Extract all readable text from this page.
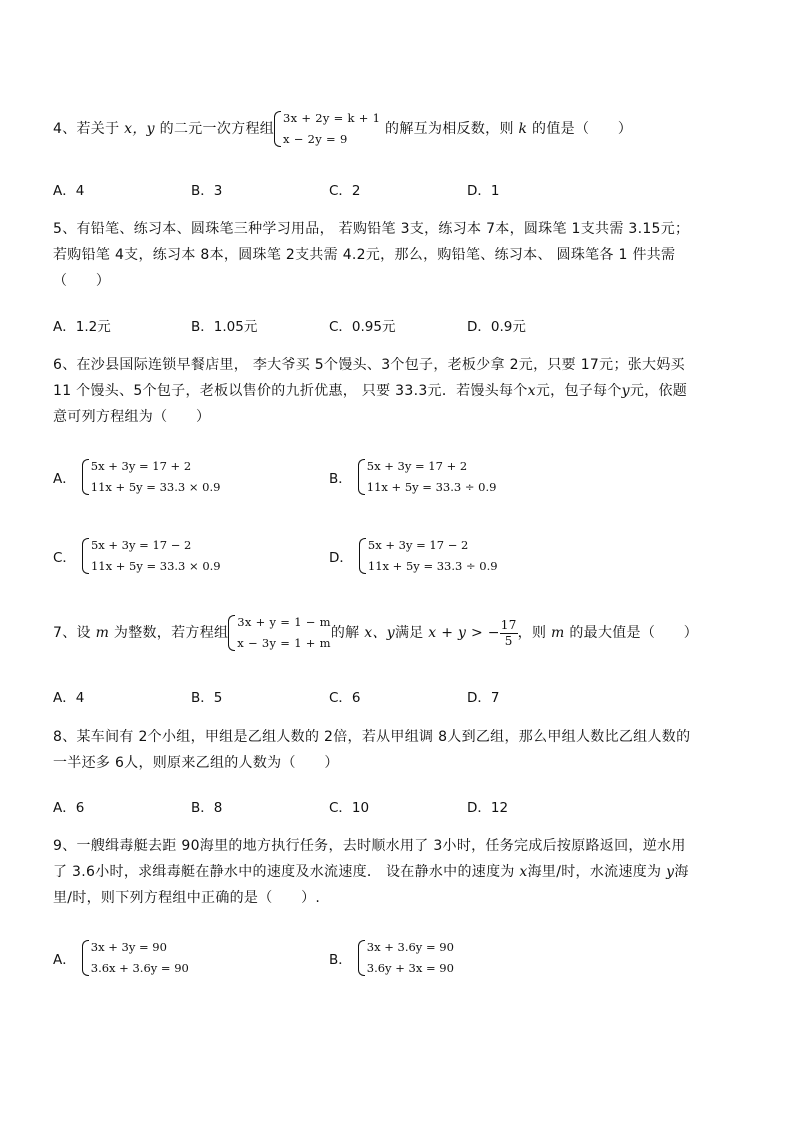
4、若关于 x，y 的二元一次方程组
3x + 2y = k + 1
x − 2y = 9
的解互为相反数，则 k 的值是（　　）
A．4	B．3	C．2	D．1
5、有铅笔、练习本、圆珠笔三种学习用品， 若购铅笔 3支，练习本 7本，圆珠笔 1支共需 3.15元；
若购铅笔 4支，练习本 8本，圆珠笔 2支共需 4.2元，那么，购铅笔、练习本、 圆珠笔各 1 件共需
（　　）
A．1.2元	B．1.05元	C．0.95元	D．0.9元
6、在沙县国际连锁早餐店里， 李大爷买 5个馒头、3个包子，老板少拿 2元，只要 17元；张大妈买
11 个馒头、5个包子，老板以售价的九折优惠， 只要 33.3元．若馒头每个x元，包子每个y元，依题
意可列方程组为（　　）
A．
5x + 3y = 17 + 2
11x + 5y = 33.3 × 0.9	B．
5x + 3y = 17 + 2
11x + 5y = 33.3 ÷ 0.9
C．
5x + 3y = 17 − 2
11x + 5y = 33.3 × 0.9	D．
5x + 3y = 17 − 2
11x + 5y = 33.3 ÷ 0.9
7、设 m 为整数，若方程组
3x + y = 1 − m
x − 3y = 1 + m
的解 x、y满足 x + y > − $\frac{17}{5}$ ，则 m 的最大值是（　　）
A．4	B．5	C．6	D．7
8、某车间有 2个小组，甲组是乙组人数的 2倍，若从甲组调 8人到乙组，那么甲组人数比乙组人数的
一半还多 6人，则原来乙组的人数为（　　）
A．6	B．8	C．10	D．12
9、一艘缉毒艇去距 90海里的地方执行任务，去时顺水用了 3小时，任务完成后按原路返回，逆水用
了 3.6小时，求缉毒艇在静水中的速度及水流速度． 设在静水中的速度为 x海里/时，水流速度为 y海
里/时，则下列方程组中正确的是（　　）.
A．
3x + 3y = 90
3.6x + 3.6y = 90	B．
3x + 3.6y = 90
3.6y + 3x = 90
